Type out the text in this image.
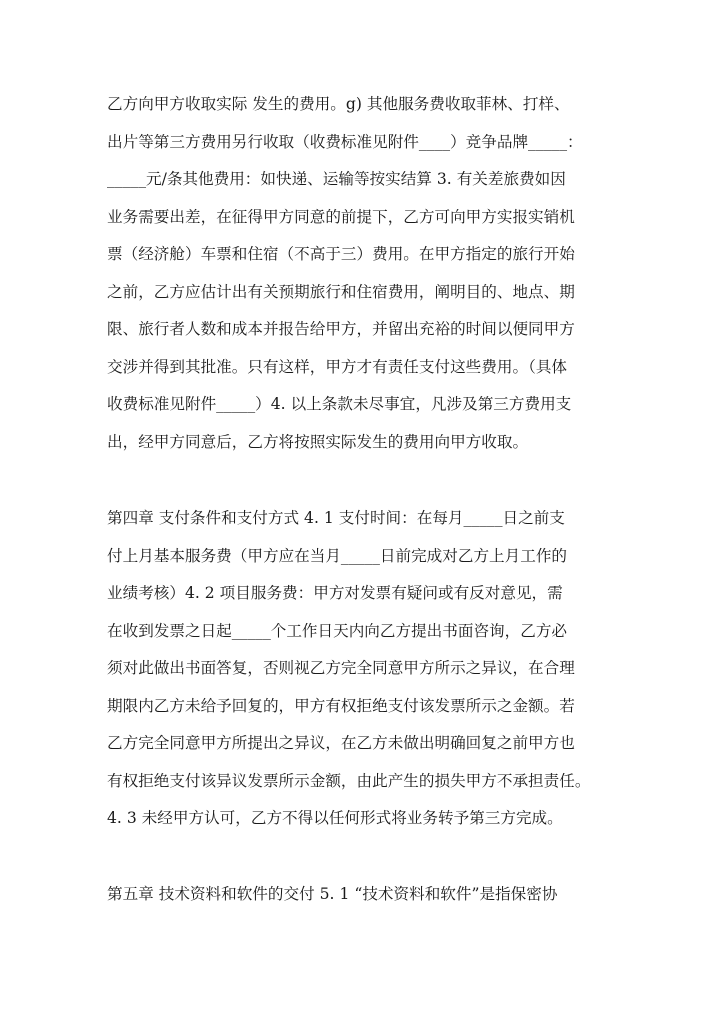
乙方向甲方收取实际 发生的费用。g) 其他服务费收取菲林、打样、
出片等第三方费用另行收取（收费标准见附件____）竞争品牌_____：
_____元/条其他费用：如快递、运输等按实结算 3. 有关差旅费如因
业务需要出差，在征得甲方同意的前提下，乙方可向甲方实报实销机
票（经济舱）车票和住宿（不高于三）费用。在甲方指定的旅行开始
之前，乙方应估计出有关预期旅行和住宿费用，阐明目的、地点、期
限、旅行者人数和成本并报告给甲方，并留出充裕的时间以便同甲方
交涉并得到其批准。只有这样，甲方才有责任支付这些费用。（具体
收费标准见附件_____）4. 以上条款未尽事宜，凡涉及第三方费用支
出，经甲方同意后，乙方将按照实际发生的费用向甲方收取。
第四章 支付条件和支付方式 4. 1 支付时间：在每月_____日之前支
付上月基本服务费（甲方应在当月_____日前完成对乙方上月工作的
业绩考核）4. 2 项目服务费：甲方对发票有疑问或有反对意见，需
在收到发票之日起_____个工作日天内向乙方提出书面咨询，乙方必
须对此做出书面答复，否则视乙方完全同意甲方所示之异议，在合理
期限内乙方未给予回复的，甲方有权拒绝支付该发票所示之金额。若
乙方完全同意甲方所提出之异议，在乙方未做出明确回复之前甲方也
有权拒绝支付该异议发票所示金额，由此产生的损失甲方不承担责任。
4. 3 未经甲方认可，乙方不得以任何形式将业务转予第三方完成。
第五章 技术资料和软件的交付 5. 1 “技术资料和软件”是指保密协
